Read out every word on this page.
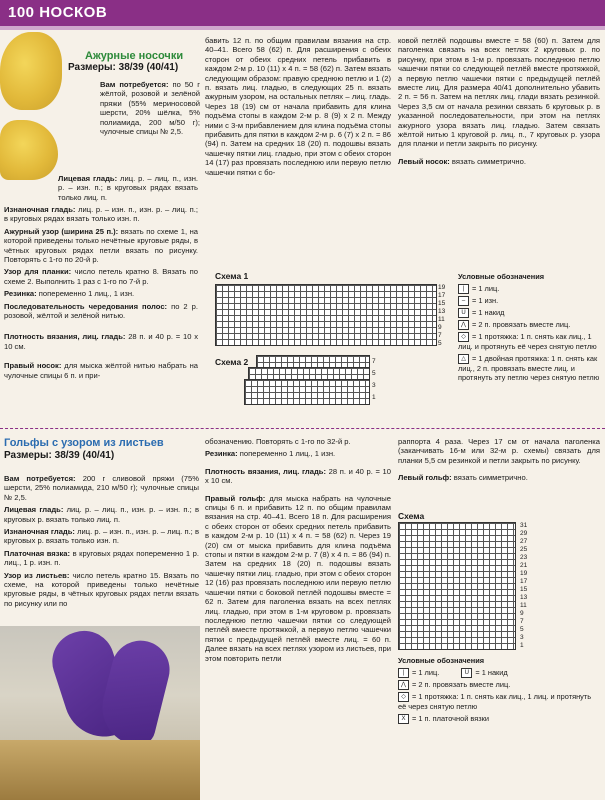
100 НОСКОВ
Ажурные носочки
Размеры: 38/39 (40/41)

Вам потребуется: по 50 г жёлтой, розовой и зелёной пряжи (55% мериносовой шерсти, 20% шёлка, 5% полиамида, 200 м/50 г); чулочные спицы № 2,5.

Лицевая гладь: лиц. р. – лиц. п., изн. р. – изн. п.; в круговых рядах вязать только лиц. п.

Изнаночная гладь: лиц. р. – изн. п., изн. р. – лиц. п.; в круговых рядах вязать только изн. п.

Ажурный узор (ширина 25 п.): вязать по схеме 1, на которой приведены только нечётные круговые ряды, в чётных круговых рядах петли вязать по рисунку. Повторять с 1-го по 20-й р.

Узор для планки: число петель кратно 8. Вязать по схеме 2. Выполнить 1 раз с 1-го по 7-й р.

Резинка: попеременно 1 лиц., 1 изн.

Последовательность чередования полос: по 2 р. розовой, жёлтой и зелёной нитью.

Плотность вязания, лиц. гладь: 28 п. и 40 р. = 10 х 10 см.

Правый носок: для мыска жёлтой нитью набрать на чулочные спицы 6 п. и при-

бавить 12 п. по общим правилам вязания на стр. 40–41. Всего 58 (62) п. Для расширения с обеих сторон от обеих средних петель прибавить в каждом 2-м р. 10 (11) х 4 п. = 58 (62) п. Затем вязать следующим образом: правую среднюю петлю и 1 (2) п. вязать лиц. гладью, в следующих 25 п. вязать ажурным узором, на остальных петлях – лиц. гладь. Через 18 (19) см от начала прибавить для клина подъёма стопы в каждом 2-м р. 8 (9) х 2 п. Между ними с 3-м прибавлением для клина подъёма стопы прибавить для пятки в каждом 2-м р. 6 (7) х 2 п. = 86 (94) п. Затем на средних 18 (20) п. подошвы вязать чашечку пятки лиц. гладью, при этом с обеих сторон 14 (17) раз провязать последнюю или первую петлю чашечки пятки с бо-

ковой петлёй подошвы вместе = 58 (60) п. Затем для паголенка связать на всех петлях 2 круговых р. по рисунку, при этом в 1-м р. провязать последнюю петлю чашечки пятки со следующей петлёй вместе протяжкой, а первую петлю чашечки пятки с предыдущей петлёй вместе лиц. Для размера 40/41 дополнительно убавить 2 п. = 56 п. Затем на петлях лиц. глади вязать резинкой. Через 3,5 см от начала резинки связать 6 круговых р. в указанной последовательности, при этом на петлях ажурного узора вязать лиц. гладью. Затем связать жёлтой нитью 1 круговой р. лиц. п., 7 круговых р. узора для планки и петли закрыть по рисунку.

Левый носок: вязать симметрично.

Схема 1
19
17
15
13
11
9
7
5
Схема 2	7
5
3
1
Условные обозначения
| = 1 лиц.
– = 1 изн.
U = 1 накид
⋀ = 2 п. провязать вместе лиц.
◇ = 1 протяжка: 1 п. снять как лиц., 1 лиц. и протянуть её через снятую петлю
△ = 1 двойная протяжка: 1 п. снять как лиц., 2 п. провязать вместе лиц. и протянуть эту петлю через снятую петлю
Гольфы с узором из листьев
Размеры: 38/39 (40/41)

Вам потребуется: 200 г сливовой пряжи (75% шерсти, 25% полиамида, 210 м/50 г); чулочные спицы № 2,5.

Лицевая гладь: лиц. р. – лиц. п., изн. р. – изн. п.; в круговых р. вязать только лиц. п.

Изнаночная гладь: лиц. р. – изн. п., изн. р. – лиц. п.; в круговых р. вязать только изн. п.

Платочная вязка: в круговых рядах попеременно 1 р. лиц., 1 р. изн. п.

Узор из листьев: число петель кратно 15. Вязать по схеме, на которой приведены только нечётные круговые ряды, в чётных круговых рядах петли вязать по рисунку или по

обозначению. Повторять с 1-го по 32-й р.

Резинка: попеременно 1 лиц., 1 изн.

Плотность вязания, лиц. гладь: 28 п. и 40 р. = 10 х 10 см.

Правый гольф: для мыска набрать на чулочные спицы 6 п. и прибавить 12 п. по общим правилам вязания на стр. 40–41. Всего 18 п. Для расширения с обеих сторон от обеих средних петель прибавить в каждом 2-м р. 10 (11) х 4 п. = 58 (62) п. Через 19 (20) см от мыска прибавить для клина подъёма стопы и пятки в каждом 2-м р. 7 (8) х 4 п. = 86 (94) п. Затем на средних 18 (20) п. подошвы вязать чашечку пятки лиц. гладью, при этом с обеих сторон 12 (16) раз провязать последнюю или первую петлю чашечки пятки с боковой петлёй подошвы вместе = 62 п. Затем для паголенка вязать на всех петлях лиц. гладью, при этом в 1-м круговом р. провязать последнюю петлю чашечки пятки со следующей петлёй вместе протяжкой, а первую петлю чашечки пятки с предыдущей петлёй вместе лиц. = 60 п. Далее вязать на всех петлях узором из листьев, при этом повторить петли

раппорта 4 раза. Через 17 см от начала паголенка (заканчивать 16-м или 32-м р. схемы) связать для планки 5,5 см резинкой и петли закрыть по рисунку.

Левый гольф: вязать симметрично.

Схема
31
29
27
25
23
21
19
17
15
13
11
9
7
5
3
1
Условные обозначения
| = 1 лиц.	U = 1 накид
⋀ = 2 п. провязать вместе лиц.
◇ = 1 протяжка: 1 п. снять как лиц., 1 лиц. и протянуть её через снятую петлю
X = 1 п. платочной вязки
